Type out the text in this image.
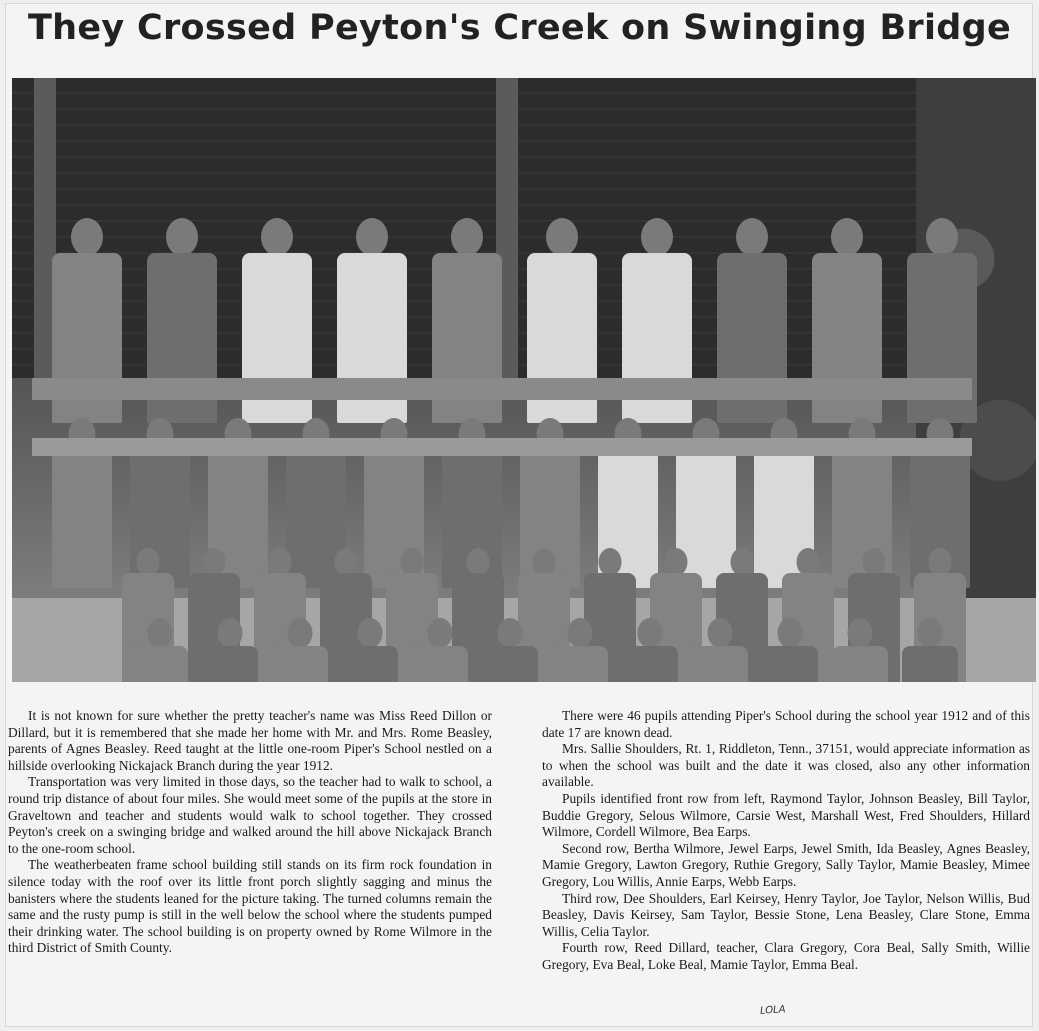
They Crossed Peyton's Creek on Swinging Bridge

It is not known for sure whether the pretty teacher's name was Miss Reed Dillon or Dillard, but it is remembered that she made her home with Mr. and Mrs. Rome Beasley, parents of Agnes Beasley. Reed taught at the little one-room Piper's School nestled on a hillside overlooking Nickajack Branch during the year 1912.

Transportation was very limited in those days, so the teacher had to walk to school, a round trip distance of about four miles. She would meet some of the pupils at the store in Graveltown and teacher and students would walk to school together. They crossed Peyton's creek on a swinging bridge and walked around the hill above Nickajack Branch to the one-room school.

The weatherbeaten frame school building still stands on its firm rock foundation in silence today with the roof over its little front porch slightly sagging and minus the banisters where the students leaned for the picture taking. The turned columns remain the same and the rusty pump is still in the well below the school where the students pumped their drinking water. The school building is on property owned by Rome Wilmore in the third District of Smith County.

There were 46 pupils attending Piper's School during the school year 1912 and of this date 17 are known dead.

Mrs. Sallie Shoulders, Rt. 1, Riddleton, Tenn., 37151, would appreciate information as to when the school was built and the date it was closed, also any other information available.

Pupils identified front row from left, Raymond Taylor, Johnson Beasley, Bill Taylor, Buddie Gregory, Selous Wilmore, Carsie West, Marshall West, Fred Shoulders, Hillard Wilmore, Cordell Wilmore, Bea Earps.

Second row, Bertha Wilmore, Jewel Earps, Jewel Smith, Ida Beasley, Agnes Beasley, Mamie Gregory, Lawton Gregory, Ruthie Gregory, Sally Taylor, Mamie Beasley, Mimee Gregory, Lou Willis, Annie Earps, Webb Earps.

Third row, Dee Shoulders, Earl Keirsey, Henry Taylor, Joe Taylor, Nelson Willis, Bud Beasley, Davis Keirsey, Sam Taylor, Bessie Stone, Lena Beasley, Clare Stone, Emma Willis, Celia Taylor.

Fourth row, Reed Dillard, teacher, Clara Gregory, Cora Beal, Sally Smith, Willie Gregory, Eva Beal, Loke Beal, Mamie Taylor, Emma Beal.

LOLA
